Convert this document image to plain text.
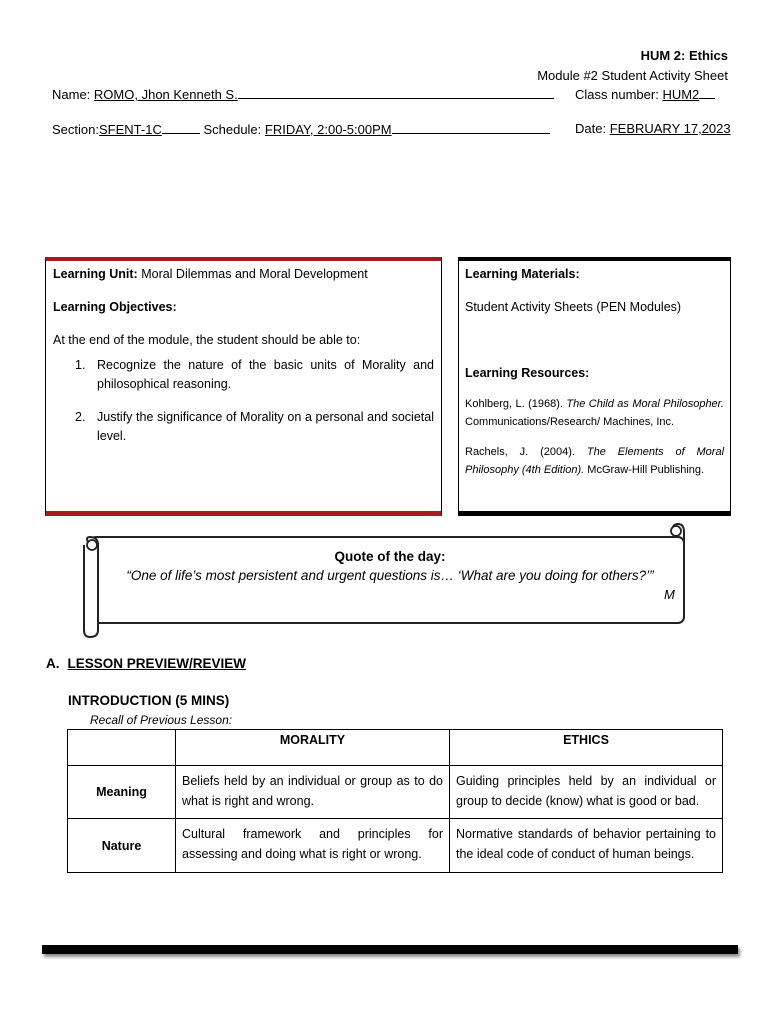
HUM 2: Ethics
Module #2 Student Activity Sheet
Name: ROMO, Jhon Kenneth S.	Class number: HUM2
Section:SFENT-1C	Schedule: FRIDAY, 2:00-5:00PM	Date: FEBRUARY 17,2023
Learning Unit: Moral Dilemmas and Moral Development
Learning Objectives:
At the end of the module, the student should be able to:
1. Recognize the nature of the basic units of Morality and philosophical reasoning.
2. Justify the significance of Morality on a personal and societal level.
Learning Materials:
Student Activity Sheets (PEN Modules)
Learning Resources:
Kohlberg, L. (1968). The Child as Moral Philosopher. Communications/Research/ Machines, Inc.
Rachels, J. (2004). The Elements of Moral Philosophy (4th Edition). McGraw-Hill Publishing.
Quote of the day:
“One of life’s most persistent and urgent questions is… ‘What are you doing for others?’”
M
A. LESSON PREVIEW/REVIEW
INTRODUCTION (5 MINS)
Recall of Previous Lesson:
	MORALITY	ETHICS
Meaning	Beliefs held by an individual or group as to do what is right and wrong.	Guiding principles held by an individual or group to decide (know) what is good or bad.
Nature	Cultural framework and principles for assessing and doing what is right or wrong.	Normative standards of behavior pertaining to the ideal code of conduct of human beings.
